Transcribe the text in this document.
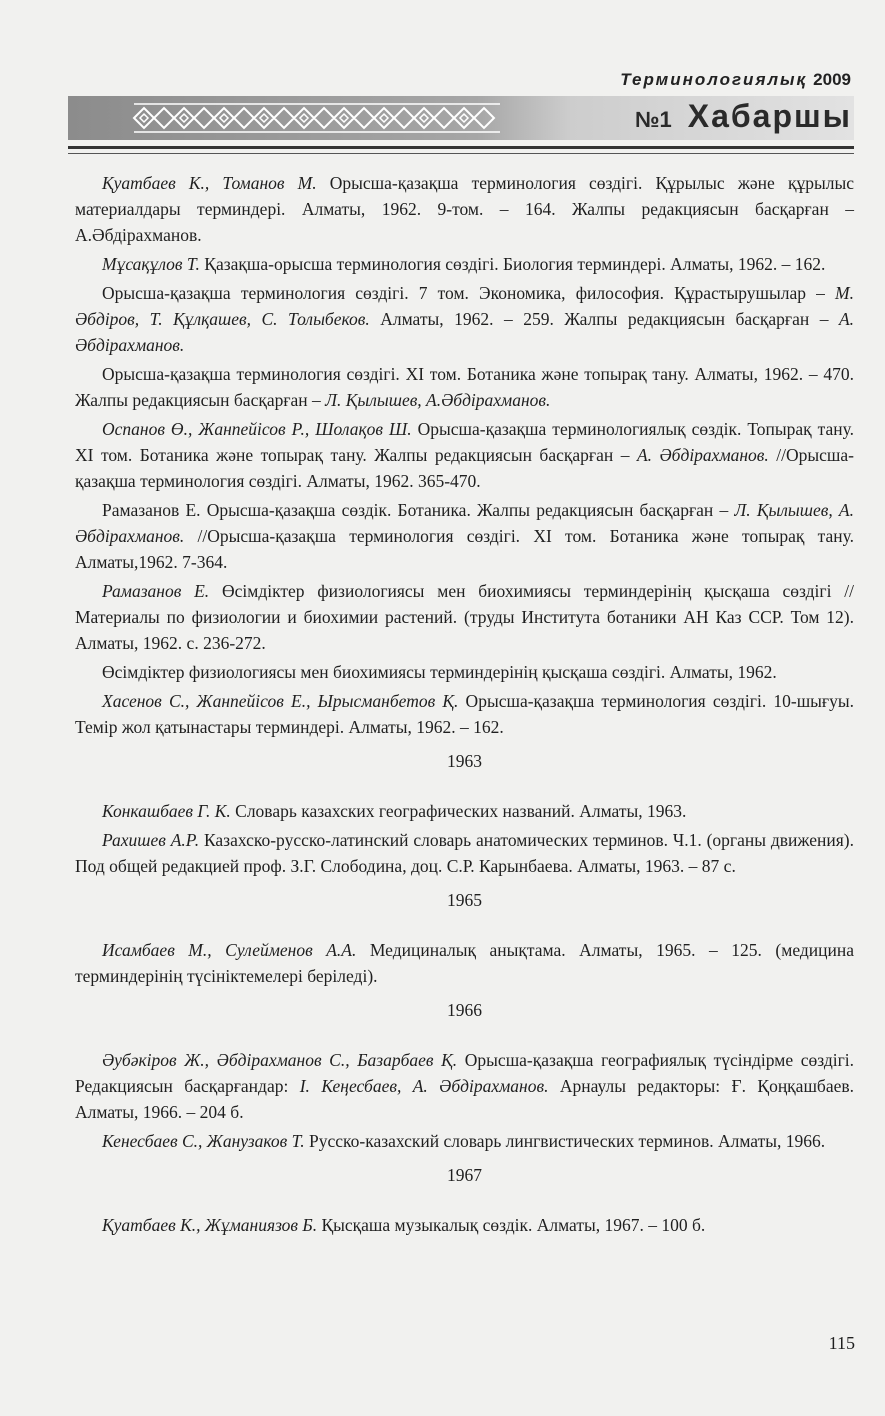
Терминологиялық 2009
№1 Хабаршы

Қуатбаев К., Томанов М. Орысша-қазақша терминология сөздігі. Құрылыс және құрылыс материалдары терминдері. Алматы, 1962. 9-том. – 164. Жалпы редакциясын басқарған – А.Әбдірахманов.

Мұсақұлов Т. Қазақша-орысша терминология сөздігі. Биология терминдері. Алматы, 1962. – 162.

Орысша-қазақша терминология сөздігі. 7 том. Экономика, философия. Құрастырушылар – М. Әбдіров, Т. Құлқашев, С. Толыбеков. Алматы, 1962. – 259. Жалпы редакциясын басқарған – А. Әбдірахманов.

Орысша-қазақша терминология сөздігі. XI том. Ботаника және топырақ тану. Алматы, 1962. – 470. Жалпы редакциясын басқарған – Л. Қылышев, А.Әбдірахманов.

Оспанов Ө., Жанпейісов Р., Шолақов Ш. Орысша-қазақша терминологиялық сөздік. Топырақ тану. XI том. Ботаника және топырақ тану. Жалпы редакциясын басқарған – А. Әбдірахманов. //Орысша-қазақша терминология сөздігі. Алматы, 1962. 365-470.

Рамазанов Е. Орысша-қазақша сөздік. Ботаника. Жалпы редакциясын басқарған – Л. Қылышев, А. Әбдірахманов. //Орысша-қазақша терминология сөздігі. XI том. Ботаника және топырақ тану. Алматы,1962. 7-364.

Рамазанов Е. Өсімдіктер физиологиясы мен биохимиясы терминдерінің қысқаша сөздігі //Материалы по физиологии и биохимии растений. (труды Института ботаники АН Каз ССР. Том 12). Алматы, 1962. с. 236-272.

Өсімдіктер физиологиясы мен биохимиясы терминдерінің қысқаша сөздігі. Алматы, 1962.

Хасенов С., Жанпейісов Е., Ырысманбетов Қ. Орысша-қазақша терминология сөздігі. 10-шығуы. Темір жол қатынастары терминдері. Алматы, 1962. – 162.

1963

Конкашбаев Г. К. Словарь казахских географических названий. Алматы, 1963.

Рахишев А.Р. Казахско-русско-латинский словарь анатомических терминов. Ч.1. (органы движения). Под общей редакцией проф. З.Г. Слободина, доц. С.Р. Карынбаева. Алматы, 1963. – 87 с.

1965

Исамбаев М., Сулейменов А.А. Медициналық анықтама. Алматы, 1965. – 125. (медицина терминдерінің түсініктемелері беріледі).

1966

Әубәкіров Ж., Әбдірахманов С., Базарбаев Қ. Орысша-қазақша географиялық түсіндірме сөздігі. Редакциясын басқарғандар: І. Кеңесбаев, А. Әбдірахманов. Арнаулы редакторы: Ғ. Қоңқашбаев. Алматы, 1966. – 204 б.

Кенесбаев С., Жанузаков Т. Русско-казахский словарь лингвистических терминов. Алматы, 1966.

1967

Қуатбаев К., Жұманиязов Б. Қысқаша музыкалық сөздік. Алматы, 1967. – 100 б.

115
